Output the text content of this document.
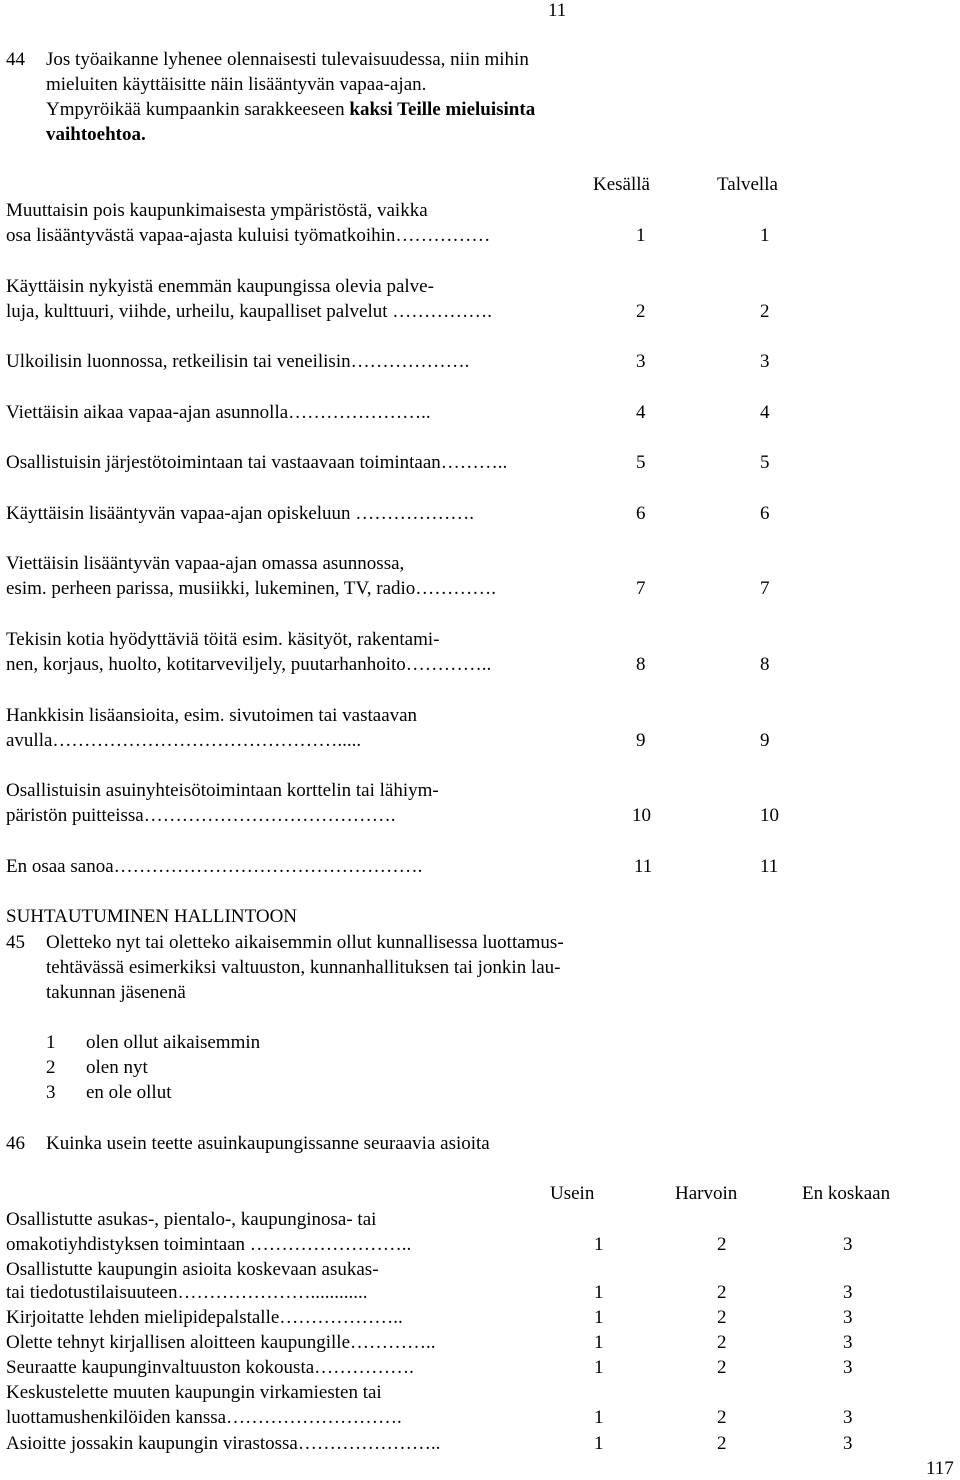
11
44 Jos työaikanne lyhenee olennaisesti tulevaisuudessa, niin mihin
mieluiten käyttäisitte näin lisääntyvän vapaa-ajan.
Ympyröikää kumpaankin sarakkeeseen kaksi Teille mieluisinta
vaihtoehtoa.
Kesällä	Talvella
Muuttaisin pois kaupunkimaisesta ympäristöstä, vaikka
osa lisääntyvästä vapaa-ajasta kuluisi työmatkoihin……………	1	1
Käyttäisin nykyistä enemmän kaupungissa olevia palve-
luja, kulttuuri, viihde, urheilu, kaupalliset palvelut …………….	2	2
Ulkoilisin luonnossa, retkeilisin tai veneilisin……………….	3	3
Viettäisin aikaa vapaa-ajan asunnolla…………………..	4	4
Osallistuisin järjestötoimintaan tai vastaavaan toimintaan………..	5	5
Käyttäisin lisääntyvän vapaa-ajan opiskeluun ……………….	6	6
Viettäisin lisääntyvän vapaa-ajan omassa asunnossa,
esim. perheen parissa, musiikki, lukeminen, TV, radio………….	7	7
Tekisin kotia hyödyttäviä töitä esim. käsityöt, rakentami-
nen, korjaus, huolto, kotitarveviljely, puutarhanhoito…………..	8	8
Hankkisin lisäansioita, esim. sivutoimen tai vastaavan
avulla……………………………………….....	9	9
Osallistuisin asuinyhteisötoimintaan korttelin tai lähiym-
päristön puitteissa………………………………….	10	10
En osaa sanoa………………………………………….	11	11
SUHTAUTUMINEN HALLINTOON
45 Oletteko nyt tai oletteko aikaisemmin ollut kunnallisessa luottamus-
tehtävässä esimerkiksi valtuuston, kunnanhallituksen tai jonkin lau-
takunnan jäsenenä
1 olen ollut aikaisemmin
2 olen nyt
3 en ole ollut
46 Kuinka usein teette asuinkaupungissanne seuraavia asioita
Usein	Harvoin	En koskaan
Osallistutte asukas-, pientalo-, kaupunginosa- tai
omakotiyhdistyksen toimintaan ……………………..	1	2	3
Osallistutte kaupungin asioita koskevaan asukas-
tai tiedotustilaisuuteen…………………............	1	2	3
Kirjoitatte lehden mielipidepalstalle………………..	1	2	3
Olette tehnyt kirjallisen aloitteen kaupungille…………..	1	2	3
Seuraatte kaupunginvaltuuston kokousta…………….	1	2	3
Keskustelette muuten kaupungin virkamiesten tai
luottamushenkilöiden kanssa……………………….	1	2	3
Asioitte jossakin kaupungin virastossa…………………..	1	2	3
117
